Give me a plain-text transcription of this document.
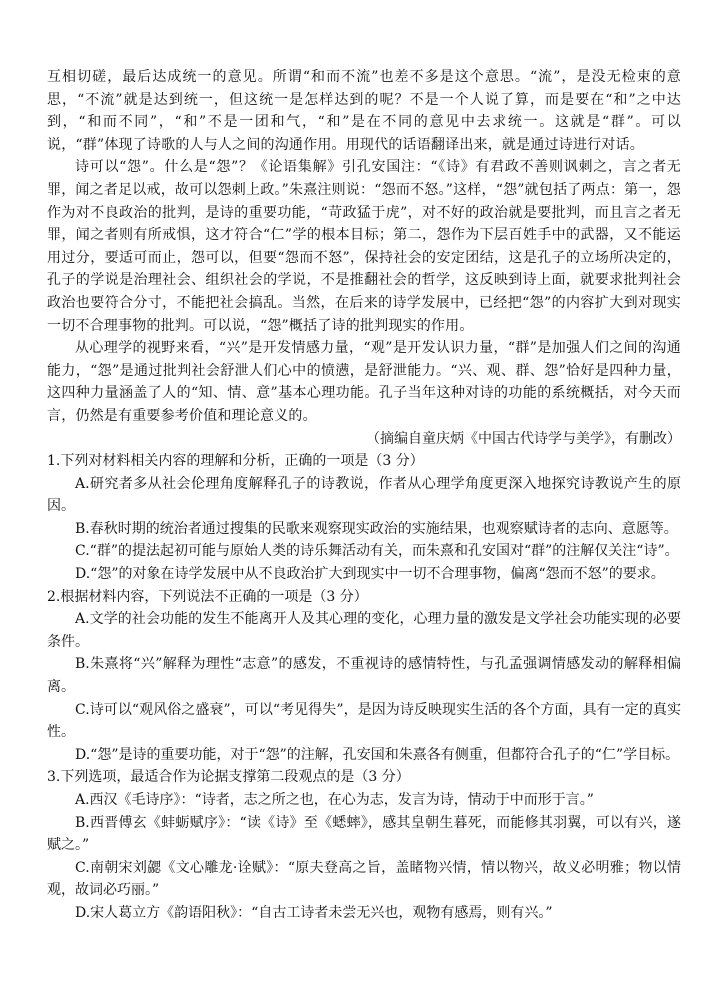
互相切磋，最后达成统一的意见。所谓“和而不流”也差不多是这个意思。“流”，是没无检束的意思，“不流”就是达到统一，但这统一是怎样达到的呢？不是一个人说了算，而是要在“和”之中达到，“和而不同”，“和”不是一团和气，“和”是在不同的意见中去求统一。这就是“群”。可以说，“群”体现了诗歌的人与人之间的沟通作用。用现代的话语翻译出来，就是通过诗进行对话。

诗可以“怨”。什么是“怨”？《论语集解》引孔安国注：“《诗》有君政不善则讽刺之，言之者无罪，闻之者足以戒，故可以怨刺上政。”朱熹注则说：“怨而不怒。”这样，“怨”就包括了两点：第一，怨作为对不良政治的批判，是诗的重要功能，“苛政猛于虎”，对不好的政治就是要批判，而且言之者无罪，闻之者则有所戒惧，这才符合“仁”学的根本目标；第二，怨作为下层百姓手中的武器，又不能运用过分，要适可而止，怨可以，但要“怨而不怒”，保持社会的安定团结，这是孔子的立场所决定的，孔子的学说是治理社会、组织社会的学说，不是推翻社会的哲学，这反映到诗上面，就要求批判社会政治也要符合分寸，不能把社会搞乱。当然，在后来的诗学发展中，已经把“怨”的内容扩大到对现实一切不合理事物的批判。可以说，“怨”概括了诗的批判现实的作用。

从心理学的视野来看，“兴”是开发情感力量，“观”是开发认识力量，“群”是加强人们之间的沟通能力，“怨”是通过批判社会舒泄人们心中的愤懑，是舒泄能力。“兴、观、群、怨”恰好是四种力量，这四种力量涵盖了人的“知、情、意”基本心理功能。孔子当年这种对诗的功能的系统概括，对今天而言，仍然是有重要参考价值和理论意义的。

（摘编自童庆炳《中国古代诗学与美学》，有删改）

1.下列对材料相关内容的理解和分析，正确的一项是（3 分）

A.研究者多从社会伦理角度解释孔子的诗教说，作者从心理学角度更深入地探究诗教说产生的原因。

B.春秋时期的统治者通过搜集的民歌来观察现实政治的实施结果，也观察赋诗者的志向、意愿等。

C.“群”的提法起初可能与原始人类的诗乐舞活动有关，而朱熹和孔安国对“群”的注解仅关注“诗”。

D.“怨”的对象在诗学发展中从不良政治扩大到现实中一切不合理事物，偏离“怨而不怒”的要求。

2.根据材料内容，下列说法不正确的一项是（3 分）

A.文学的社会功能的发生不能离开人及其心理的变化，心理力量的激发是文学社会功能实现的必要条件。

B.朱熹将“兴”解释为理性“志意”的感发，不重视诗的感情特性，与孔孟强调情感发动的解释相偏离。

C.诗可以“观风俗之盛衰”，可以“考见得失”，是因为诗反映现实生活的各个方面，具有一定的真实性。

D.“怨”是诗的重要功能，对于“怨”的注解，孔安国和朱熹各有侧重，但都符合孔子的“仁”学目标。

3.下列选项，最适合作为论据支撑第二段观点的是（3 分）

A.西汉《毛诗序》：“诗者，志之所之也，在心为志，发言为诗，情动于中而形于言。”

B.西晋傅玄《蚌蛎赋序》：“读《诗》至《蟋蟀》，感其皇朝生暮死，而能修其羽翼，可以有兴，遂赋之。”

C.南朝宋刘勰《文心雕龙·诠赋》：“原夫登高之旨，盖睹物兴情，情以物兴，故义必明雅；物以情观，故词必巧丽。”

D.宋人葛立方《韵语阳秋》：“自古工诗者未尝无兴也，观物有感焉，则有兴。”
